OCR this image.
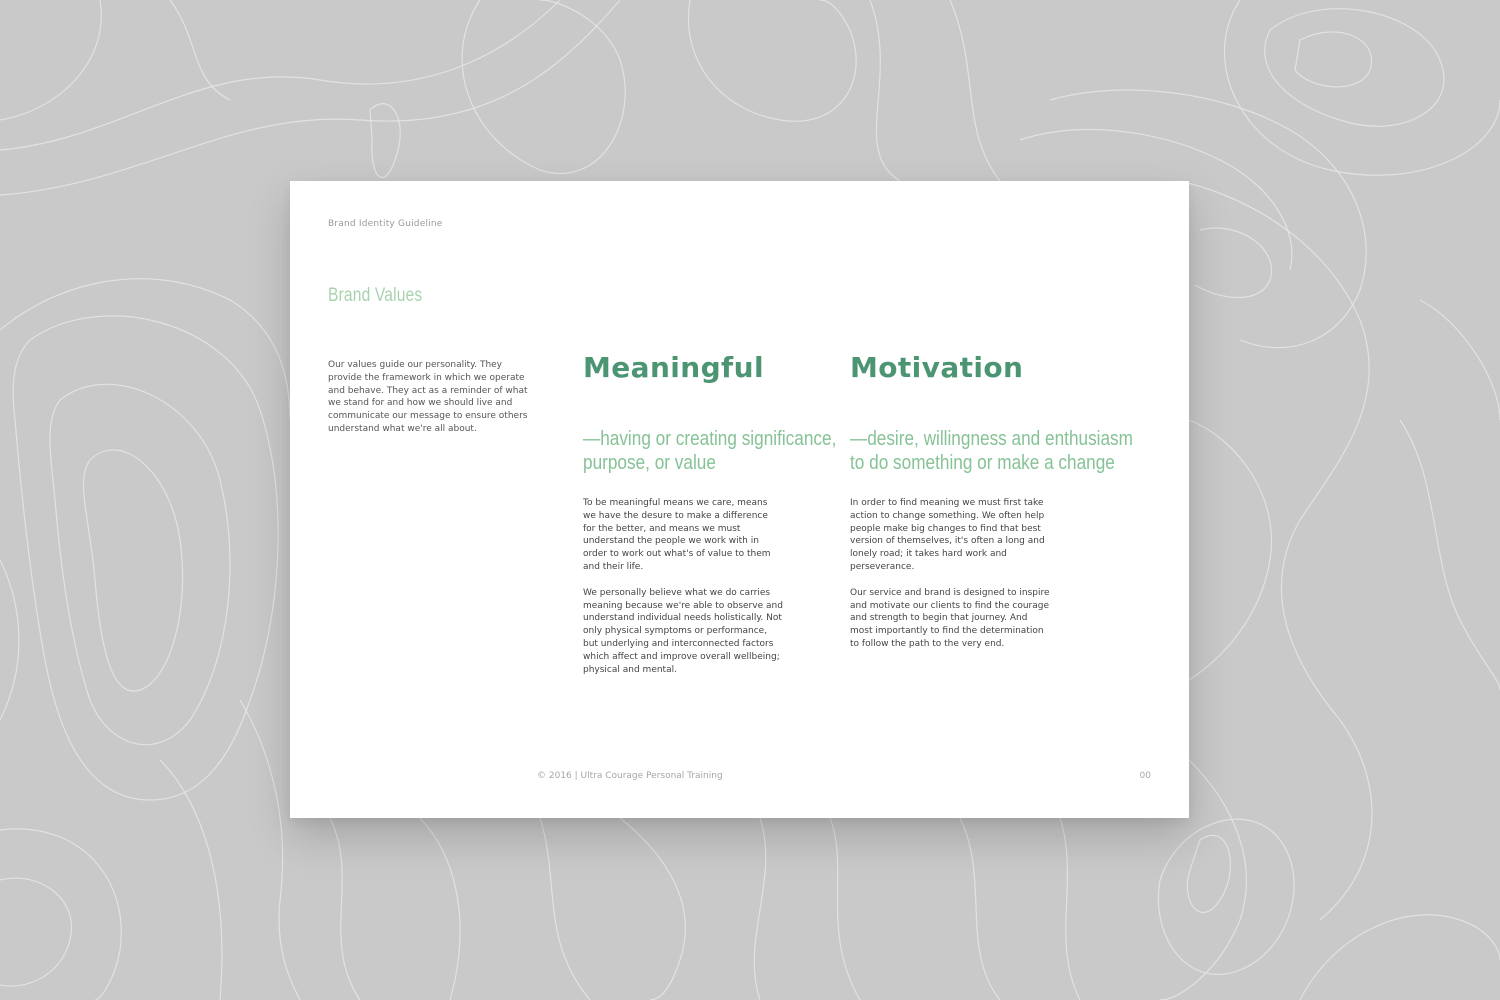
Brand Identity Guideline
Brand Values
Our values guide our personality. They provide the framework in which we operate and behave. They act as a reminder of what we stand for and how we should live and communicate our message to ensure others understand what we're all about.
Meaningful
—having or creating significance, purpose, or value

To be meaningful means we care, means we have the desure to make a difference for the better, and means we must understand the people we work with in order to work out what's of value to them and their life.

We personally believe what we do carries meaning because we're able to observe and understand individual needs holistically. Not only physical symptoms or performance, but underlying and interconnected factors which affect and improve overall wellbeing; physical and mental.

Motivation
—desire, willingness and enthusiasm to do something or make a change

In order to find meaning we must first take action to change something. We often help people make big changes to find that best version of themselves, it's often a long and lonely road; it takes hard work and perseverance.

Our service and brand is designed to inspire and motivate our clients to find the courage and strength to begin that journey. And most importantly to find the determination to follow the path to the very end.

© 2016 | Ultra Courage Personal Training	00
